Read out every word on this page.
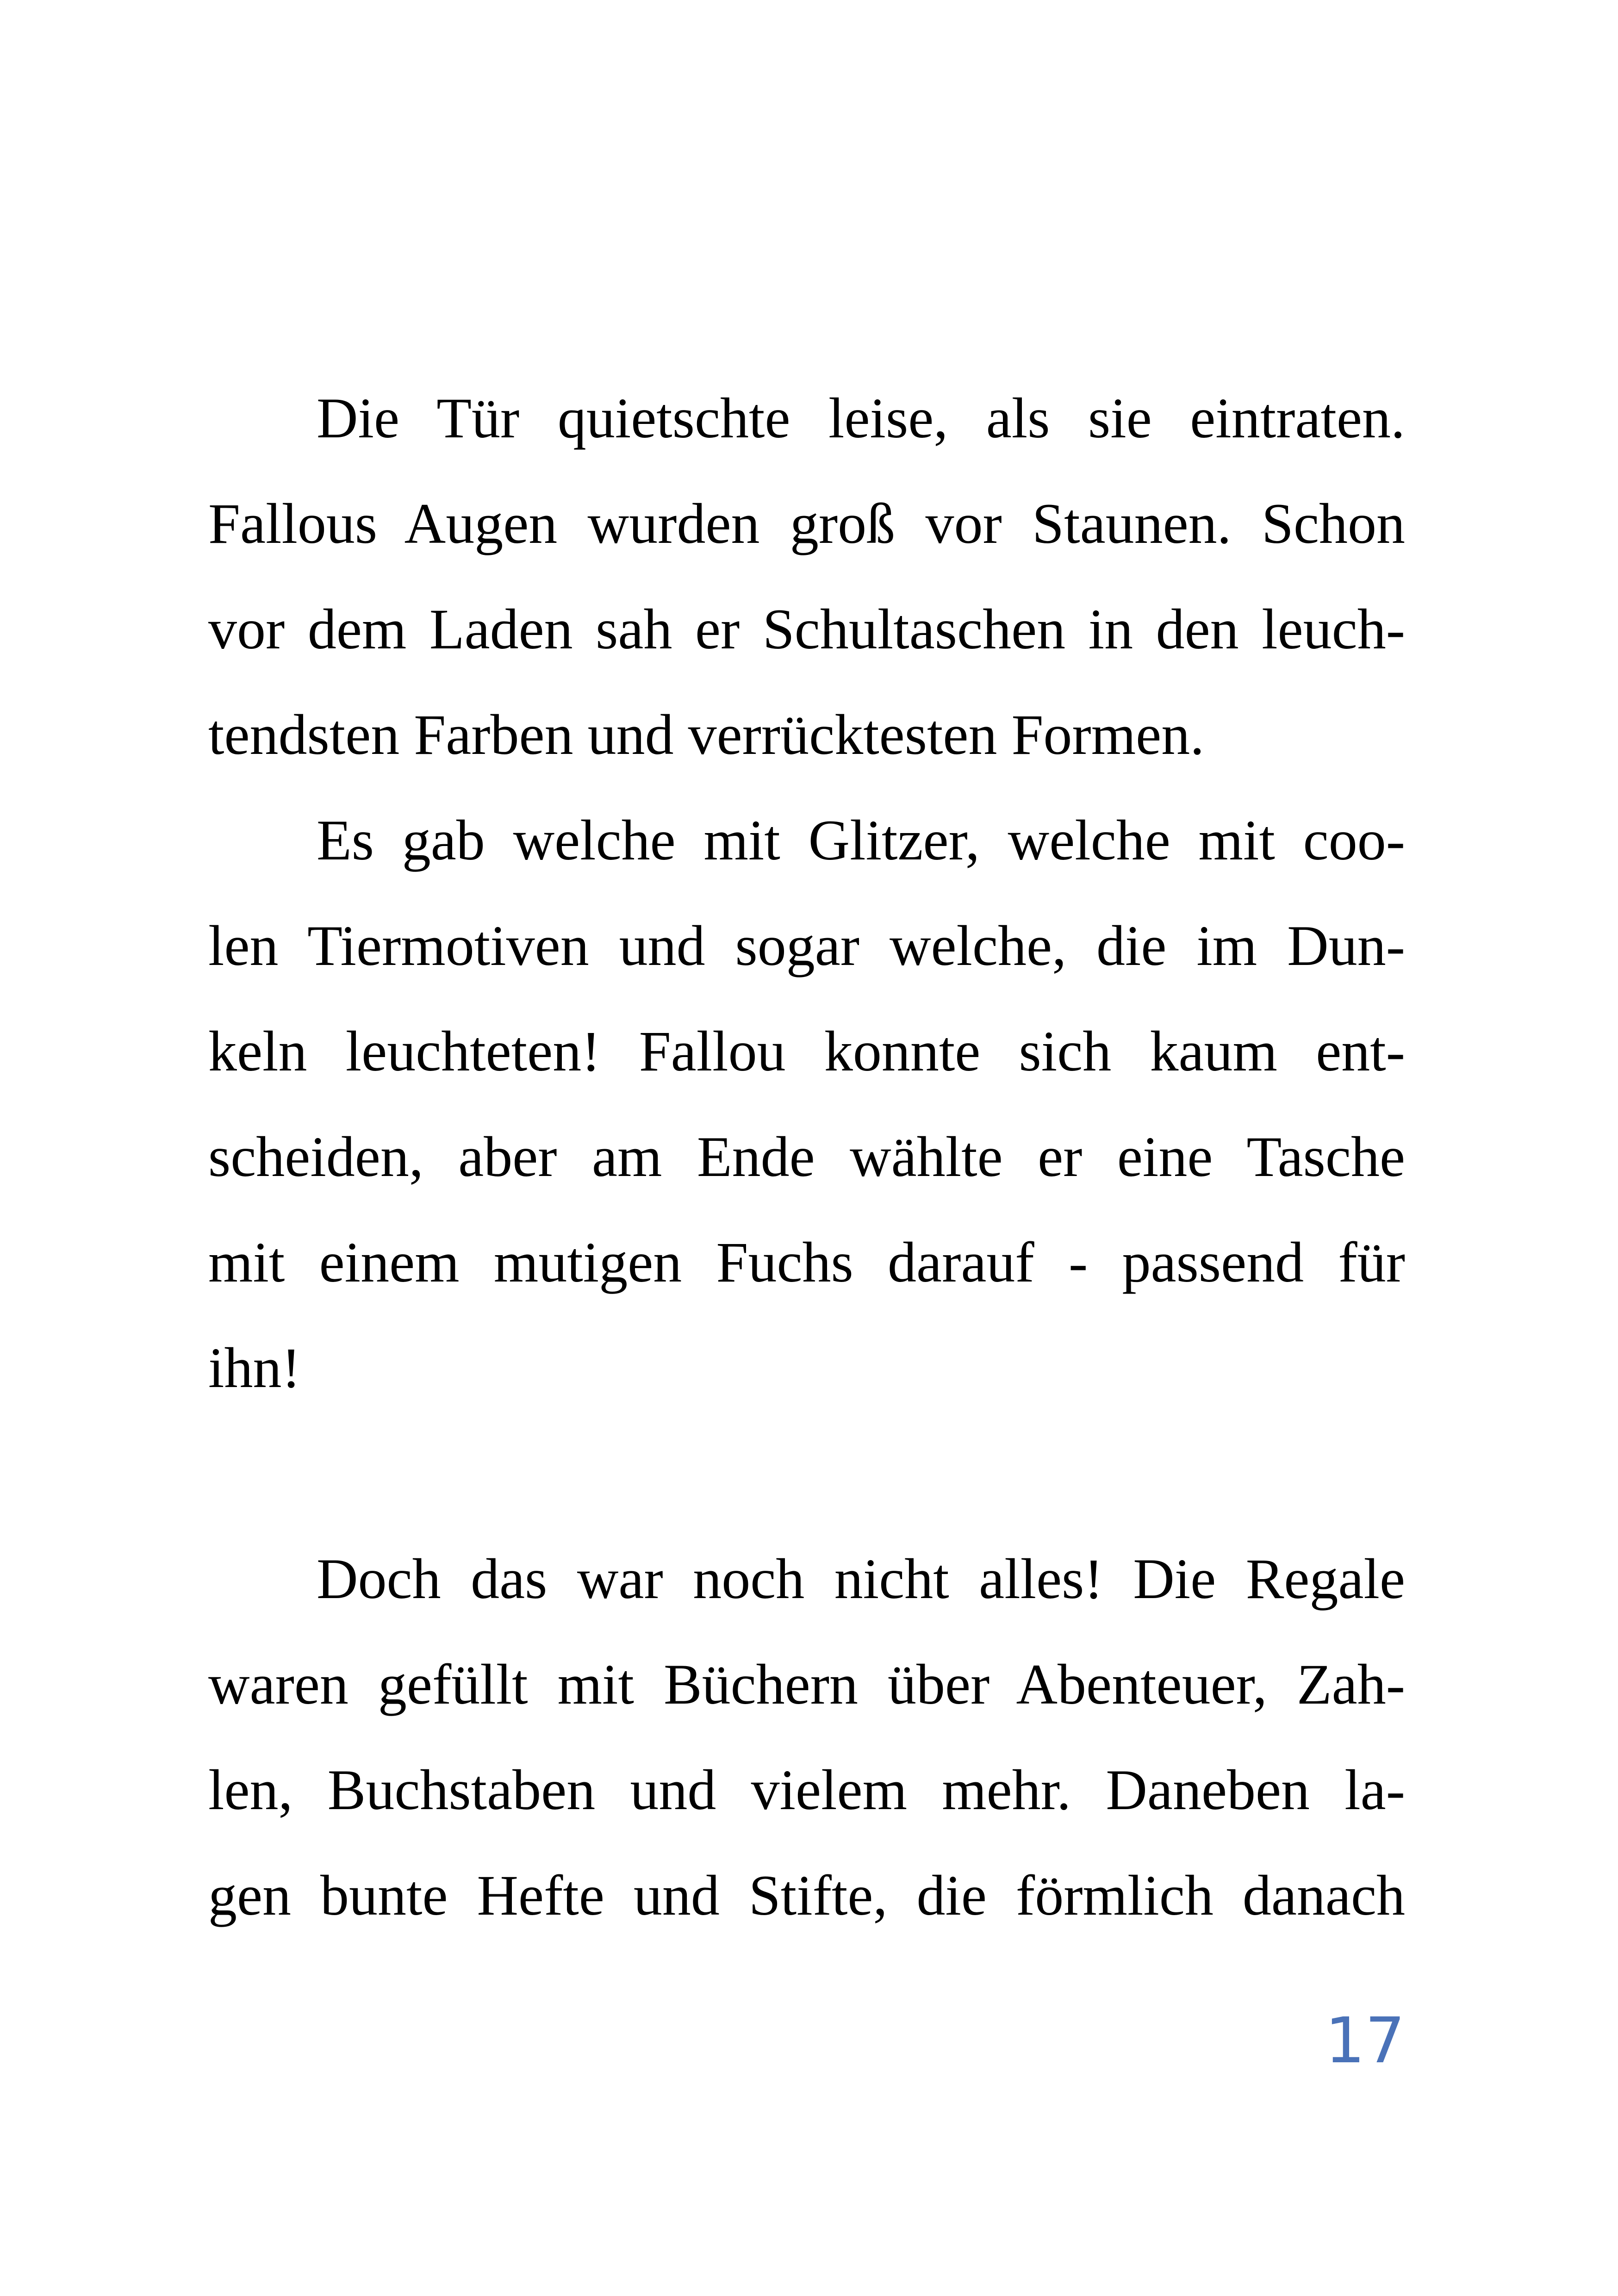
Die Tür quietschte leise, als sie eintraten.
Fallous Augen wurden groß vor Staunen. Schon
vor dem Laden sah er Schultaschen in den leuch-
tendsten Farben und verrücktesten Formen.
Es gab welche mit Glitzer, welche mit coo-
len Tiermotiven und sogar welche, die im Dun-
keln leuchteten! Fallou konnte sich kaum ent-
scheiden, aber am Ende wählte er eine Tasche
mit einem mutigen Fuchs darauf - passend für
ihn!
Doch das war noch nicht alles! Die Regale
waren gefüllt mit Büchern über Abenteuer, Zah-
len, Buchstaben und vielem mehr. Daneben la-
gen bunte Hefte und Stifte, die förmlich danach
17
